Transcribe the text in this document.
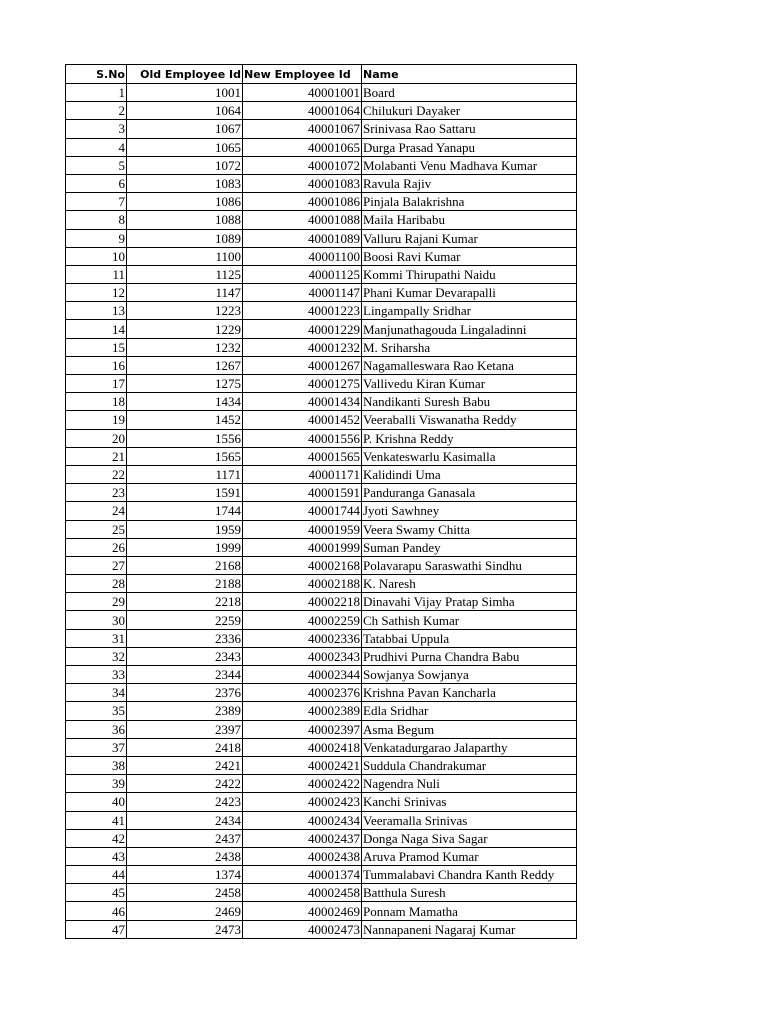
S.No	Old Employee Id	New Employee Id	Name
1	1001	40001001	Board
2	1064	40001064	Chilukuri Dayaker
3	1067	40001067	Srinivasa Rao Sattaru
4	1065	40001065	Durga Prasad Yanapu
5	1072	40001072	Molabanti Venu Madhava Kumar
6	1083	40001083	Ravula Rajiv
7	1086	40001086	Pinjala Balakrishna
8	1088	40001088	Maila Haribabu
9	1089	40001089	Valluru Rajani Kumar
10	1100	40001100	Boosi Ravi Kumar
11	1125	40001125	Kommi Thirupathi Naidu
12	1147	40001147	Phani Kumar Devarapalli
13	1223	40001223	Lingampally Sridhar
14	1229	40001229	Manjunathagouda Lingaladinni
15	1232	40001232	M. Sriharsha
16	1267	40001267	Nagamalleswara Rao Ketana
17	1275	40001275	Vallivedu Kiran Kumar
18	1434	40001434	Nandikanti Suresh Babu
19	1452	40001452	Veeraballi Viswanatha Reddy
20	1556	40001556	P. Krishna Reddy
21	1565	40001565	Venkateswarlu Kasimalla
22	1171	40001171	Kalidindi Uma
23	1591	40001591	Panduranga Ganasala
24	1744	40001744	Jyoti Sawhney
25	1959	40001959	Veera Swamy Chitta
26	1999	40001999	Suman Pandey
27	2168	40002168	Polavarapu Saraswathi Sindhu
28	2188	40002188	K. Naresh
29	2218	40002218	Dinavahi Vijay Pratap Simha
30	2259	40002259	Ch Sathish Kumar
31	2336	40002336	Tatabbai Uppula
32	2343	40002343	Prudhivi Purna Chandra Babu
33	2344	40002344	Sowjanya Sowjanya
34	2376	40002376	Krishna Pavan Kancharla
35	2389	40002389	Edla Sridhar
36	2397	40002397	Asma Begum
37	2418	40002418	Venkatadurgarao Jalaparthy
38	2421	40002421	Suddula Chandrakumar
39	2422	40002422	Nagendra Nuli
40	2423	40002423	Kanchi Srinivas
41	2434	40002434	Veeramalla Srinivas
42	2437	40002437	Donga Naga Siva Sagar
43	2438	40002438	Aruva Pramod Kumar
44	1374	40001374	Tummalabavi Chandra Kanth Reddy
45	2458	40002458	Batthula Suresh
46	2469	40002469	Ponnam Mamatha
47	2473	40002473	Nannapaneni Nagaraj Kumar
